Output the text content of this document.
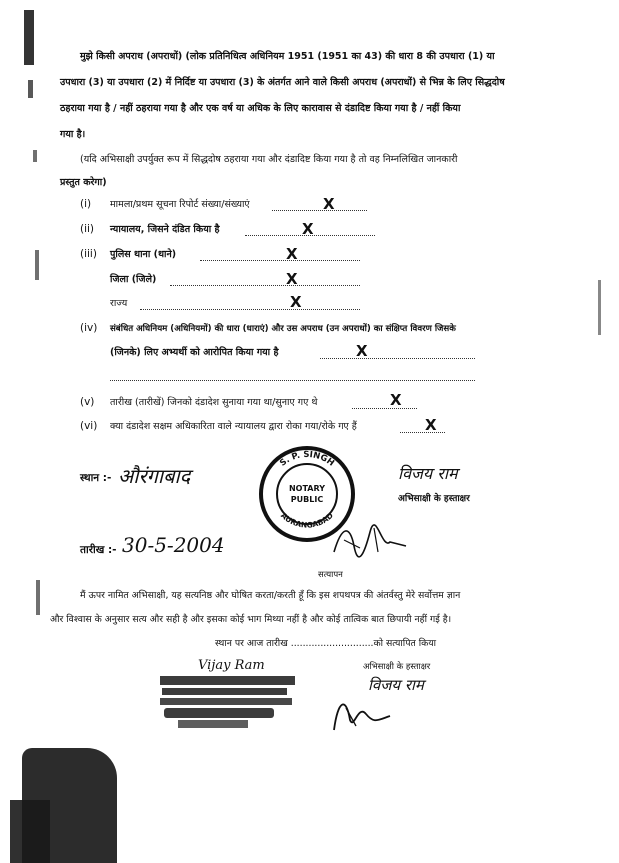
मुझे किसी अपराध (अपराधों) (लोक प्रतिनिधित्व अधिनियम 1951 (1951 का 43) की धारा 8 की उपधारा (1) या
उपधारा (3) या उपधारा (2) में निर्दिष्ट या उपधारा (3) के अंतर्गत आने वाले किसी अपराध (अपराधों) से भिन्न के लिए सिद्धदोष
ठहराया गया है / नहीं ठहराया गया है और एक वर्ष या अधिक के लिए कारावास से दंडादिष्ट किया गया है / नहीं किया
गया है।
(यदि अभिसाक्षी उपर्युक्त रूप में सिद्धदोष ठहराया गया और दंडादिष्ट किया गया है तो वह निम्नलिखित जानकारी
प्रस्तुत करेगा)
(i) मामला/प्रथम सूचना रिपोर्ट संख्या/संख्याएं	X
(ii) न्यायालय, जिसने दंडित किया है	X
(iii) पुलिस थाना (थाने)	X
जिला (जिले)	X
राज्य	X
(iv) संबंधित अधिनियम (अधिनियमों) की धारा (धाराएं) और उस अपराध (उन अपराधों) का संक्षिप्त विवरण जिसके
(जिनके) लिए अभ्यर्थी को आरोपित किया गया है	X
(v) तारीख (तारीखें) जिनको दंडादेश सुनाया गया था/सुनाए गए थे	X
(vi) क्या दंडादेश सक्षम अधिकारिता वाले न्यायालय द्वारा रोका गया/रोके गए हैं	X
स्थान :- औरंगाबाद
S. P. SINGH
AURANGABAD
NOTARY
PUBLIC
विजय राम
अभिसाक्षी के हस्ताक्षर
सत्यापन
तारीख :- 30-5-2004
मैं ऊपर नामित अभिसाक्षी, यह सत्यनिष्ठ और घोषित करता/करती हूँ कि इस शपथपत्र की अंतर्वस्तु मेरे सर्वोत्तम ज्ञान
और विश्वास के अनुसार सत्य और सही है और इसका कोई भाग मिथ्या नहीं है और कोई तात्विक बात छिपायी नहीं गई है।
स्थान पर आज तारीख ............................को सत्यापित किया
अभिसाक्षी के हस्ताक्षर
विजय राम
Vijay Ram
